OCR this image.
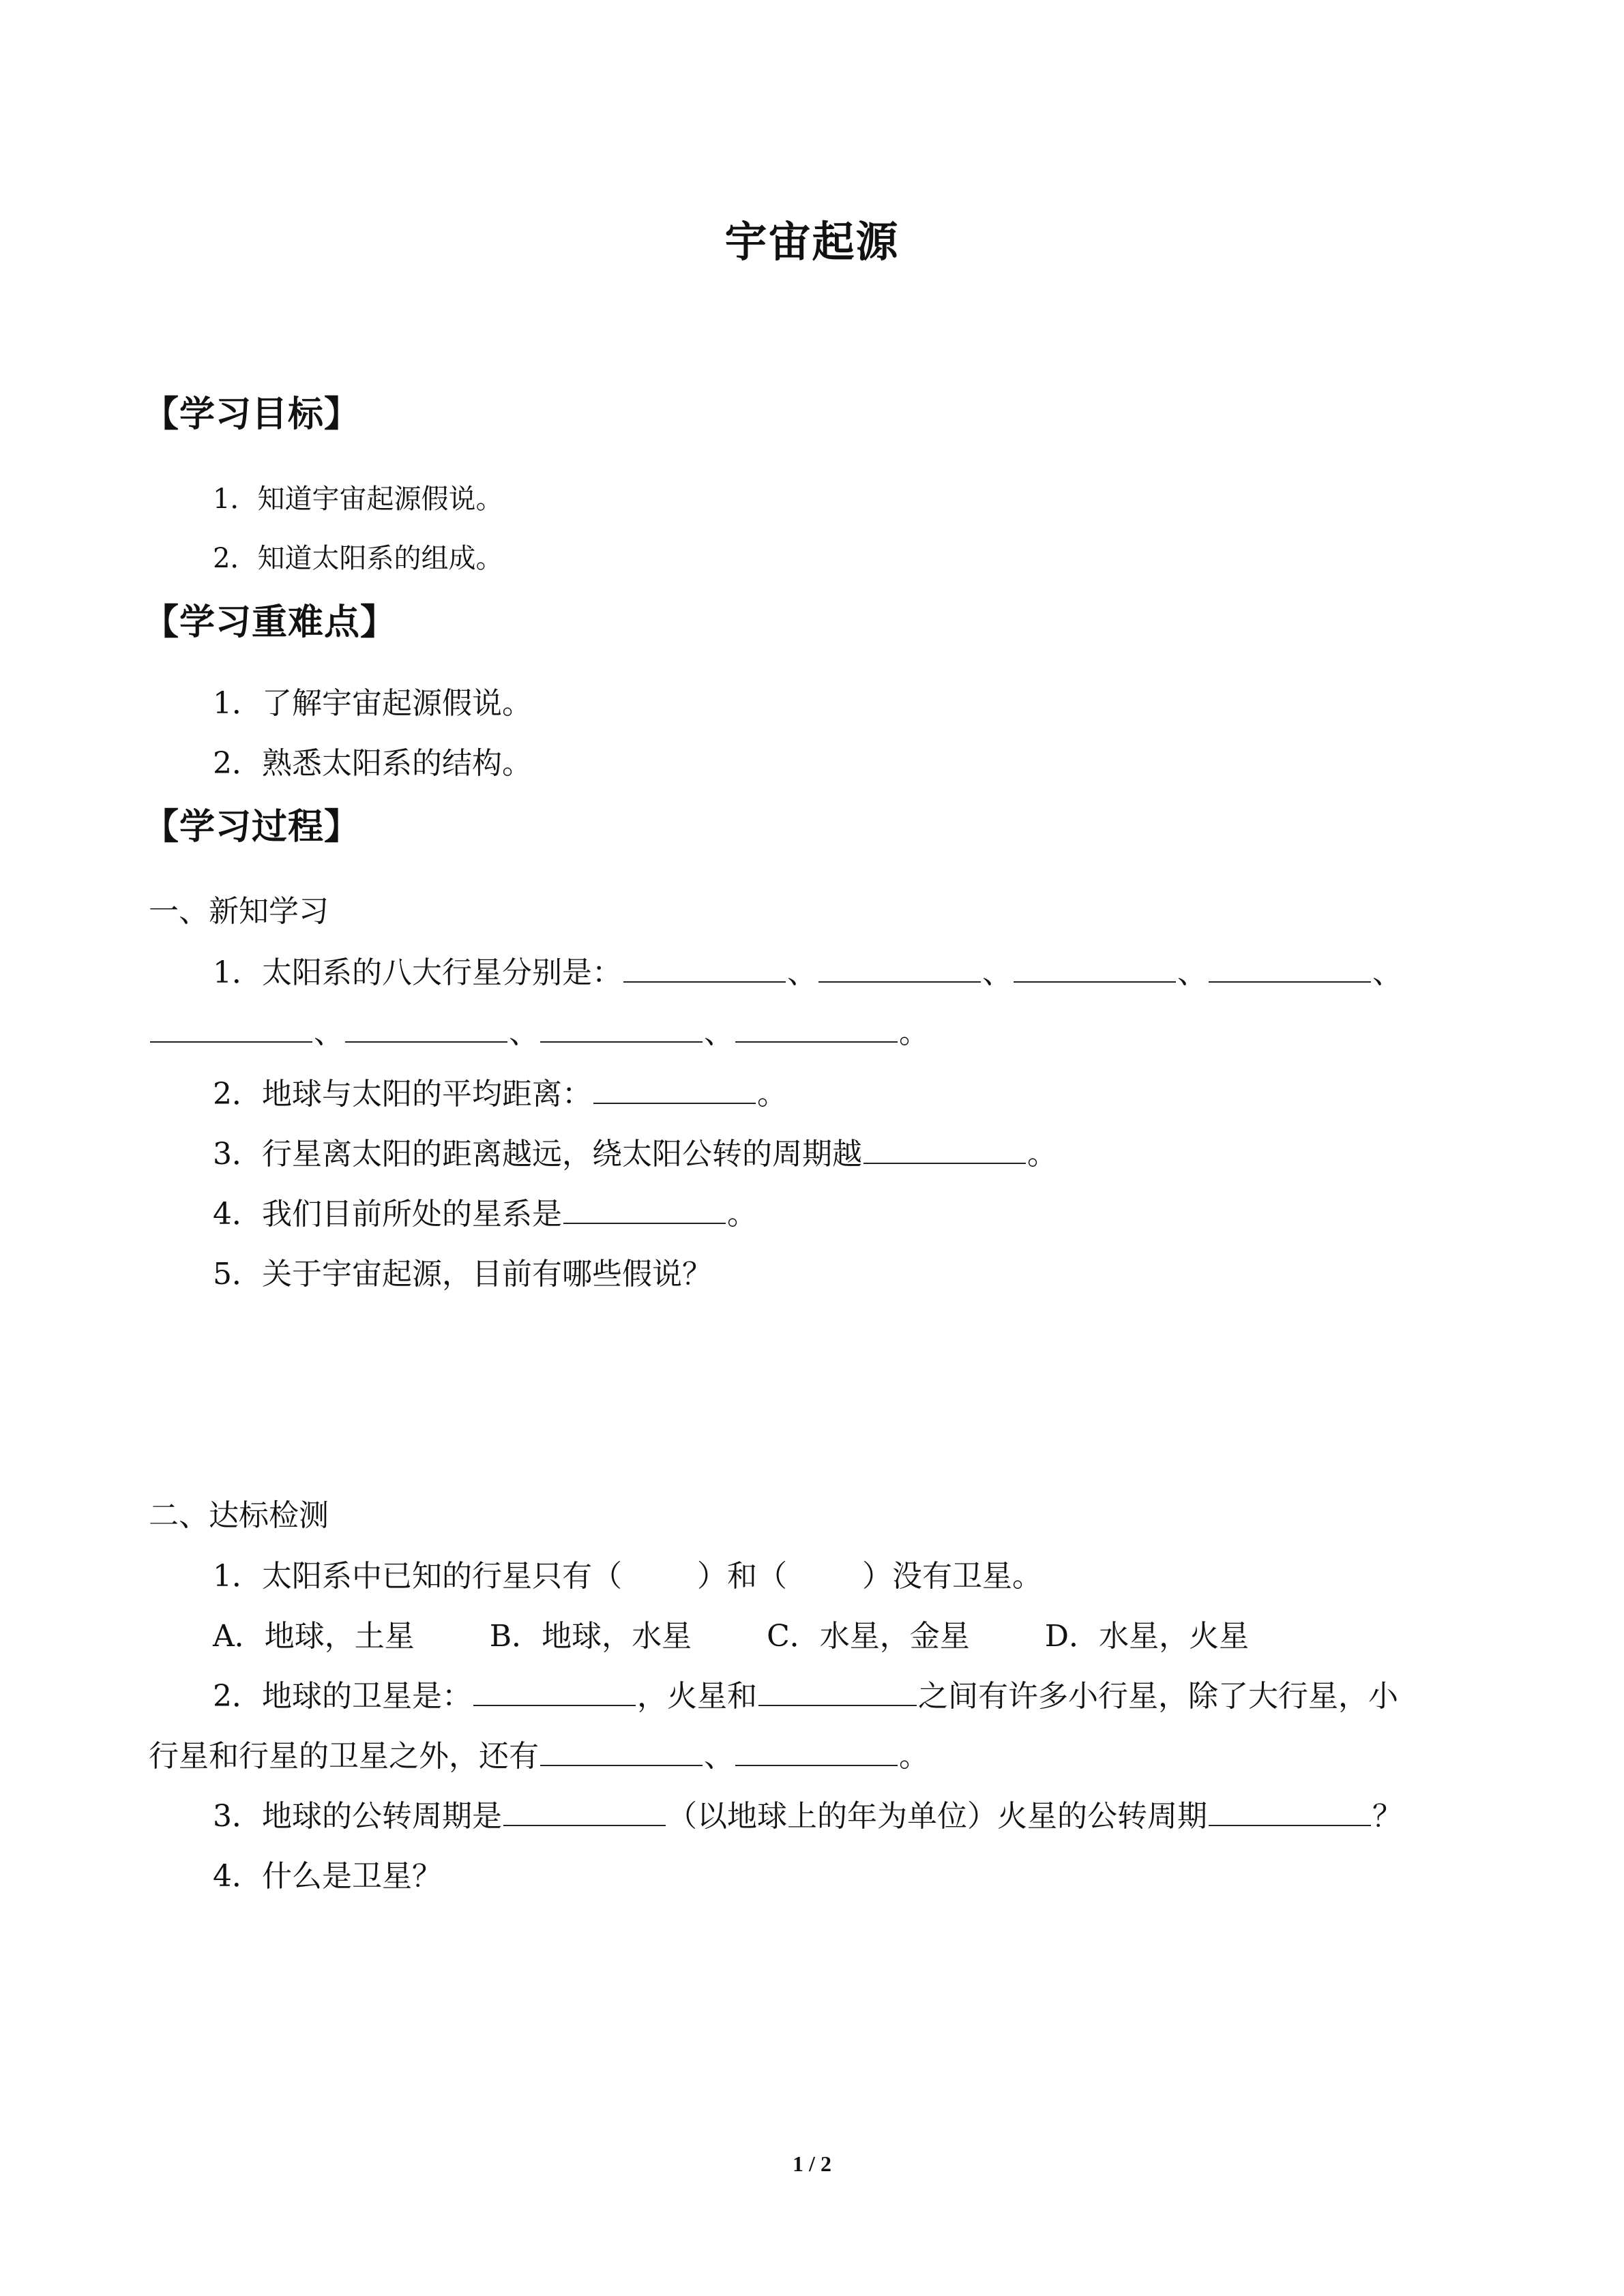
宇宙起源
【学习目标】
1．知道宇宙起源假说。
2．知道太阳系的组成。
【学习重难点】
1．了解宇宙起源假说。
2．熟悉太阳系的结构。
【学习过程】
一、新知学习
1．太阳系的八大行星分别是：	、	、	、	、
、	、	、	。
2．地球与太阳的平均距离：	。
3．行星离太阳的距离越远，绕太阳公转的周期越	。
4．我们目前所处的星系是	。
5．关于宇宙起源，目前有哪些假说？
二、达标检测
1．太阳系中已知的行星只有（	）和（	）没有卫星。
A．地球，土星	B．地球，水星	C．水星，金星	D．水星，火星
2．地球的卫星是：	，火星和	之间有许多小行星，除了大行星，小
行星和行星的卫星之外，还有	、	。
3．地球的公转周期是	（以地球上的年为单位）火星的公转周期	？
4．什么是卫星？
1 / 2
